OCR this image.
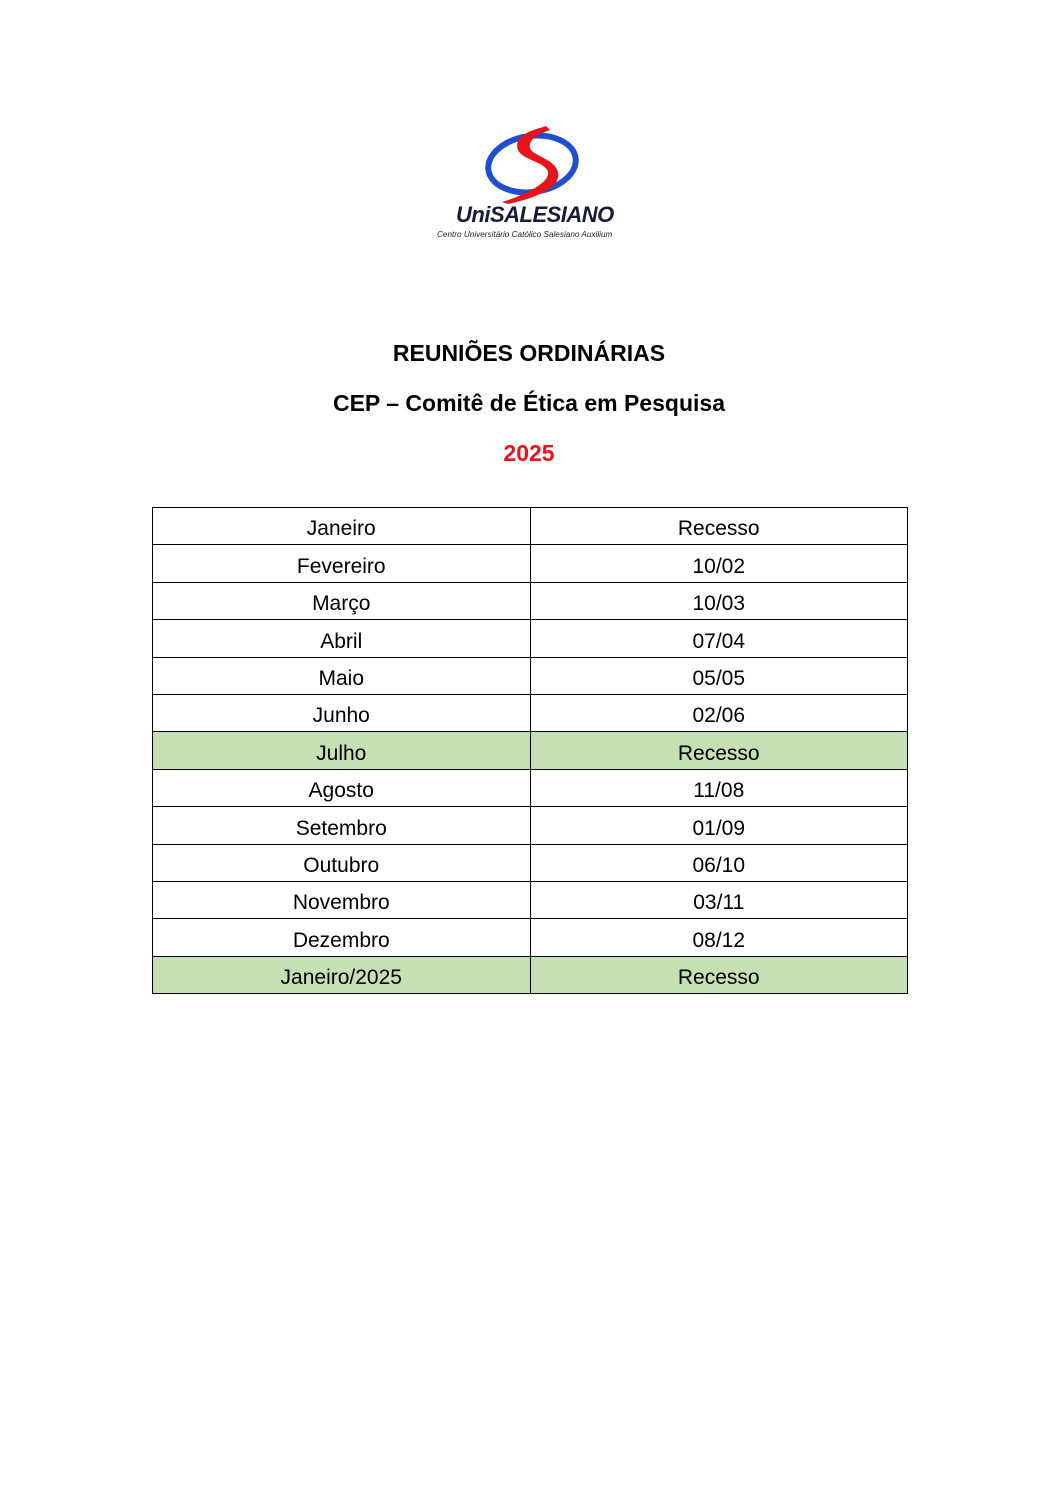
UniSALESIANO
Centro Universitário Católico Salesiano Auxilium
REUNIÕES ORDINÁRIAS
CEP – Comitê de Ética em Pesquisa
2025
Janeiro	Recesso
Fevereiro	10/02
Março	10/03
Abril	07/04
Maio	05/05
Junho	02/06
Julho	Recesso
Agosto	11/08
Setembro	01/09
Outubro	06/10
Novembro	03/11
Dezembro	08/12
Janeiro/2025	Recesso
